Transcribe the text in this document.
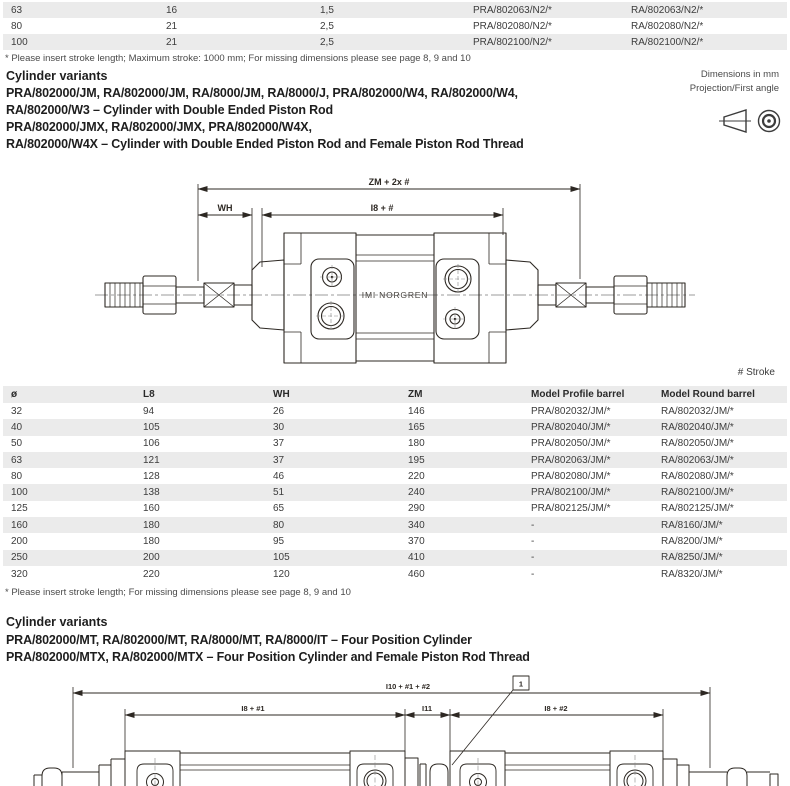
63	16	1,5	PRA/802063/N2/*	RA/802063/N2/*
80	21	2,5	PRA/802080/N2/*	RA/802080/N2/*
100	21	2,5	PRA/802100/N2/*	RA/802100/N2/*
* Please insert stroke length; Maximum stroke: 1000 mm; For missing dimensions please see page 8, 9 and 10
Cylinder variants
PRA/802000/JM, RA/802000/JM, RA/8000/JM, RA/8000/J, PRA/802000/W4, RA/802000/W4,
RA/802000/W3 – Cylinder with Double Ended Piston Rod
PRA/802000/JMX, RA/802000/JMX, PRA/802000/W4X,
RA/802000/W4X – Cylinder with Double Ended Piston Rod and Female Piston Rod Thread
Dimensions in mm
Projection/First angle
ZM + 2x #
WH	I8 + #
IMI NORGREN
# Stroke
ø	L8	WH	ZM	Model Profile barrel	Model Round barrel
32	94	26	146	PRA/802032/JM/*	RA/802032/JM/*
40	105	30	165	PRA/802040/JM/*	RA/802040/JM/*
50	106	37	180	PRA/802050/JM/*	RA/802050/JM/*
63	121	37	195	PRA/802063/JM/*	RA/802063/JM/*
80	128	46	220	PRA/802080/JM/*	RA/802080/JM/*
100	138	51	240	PRA/802100/JM/*	RA/802100/JM/*
125	160	65	290	PRA/802125/JM/*	RA/802125/JM/*
160	180	80	340	-	RA/8160/JM/*
200	180	95	370	-	RA/8200/JM/*
250	200	105	410	-	RA/8250/JM/*
320	220	120	460	-	RA/8320/JM/*
* Please insert stroke length; For missing dimensions please see page 8, 9 and 10
Cylinder variants
PRA/802000/MT, RA/802000/MT, RA/8000/MT, RA/8000/IT – Four Position Cylinder
PRA/802000/MTX, RA/802000/MTX – Four Position Cylinder and Female Piston Rod Thread
1
I10 + #1 + #2
I8 + #1	I11	I8 + #2
